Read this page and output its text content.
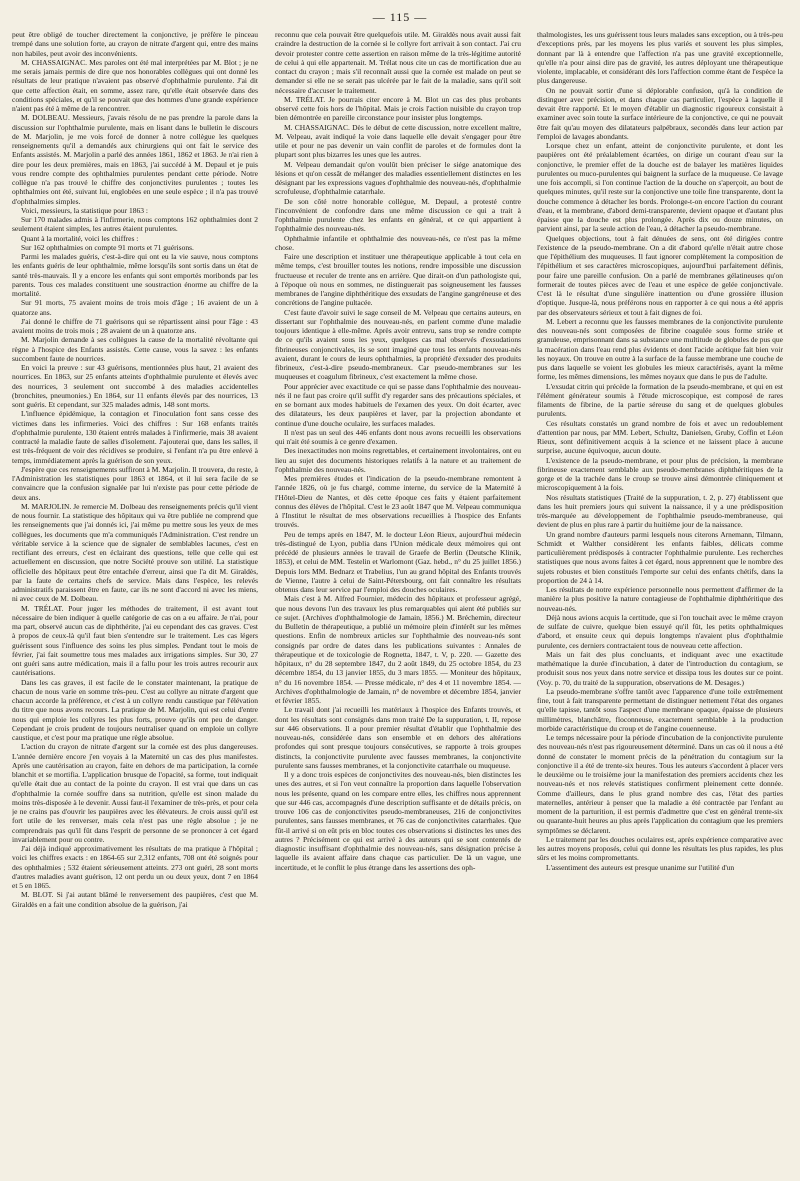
— 115 —

peut être obligé de toucher directement la conjonctive, je préfère le pinceau trempé dans une solution forte, au crayon de nitrate d'argent qui, entre des mains non habiles, peut avoir des inconvénients.

M. CHASSAIGNAC. Mes paroles ont été mal interprétées par M. Blot ; je ne me serais jamais permis de dire que nos honorables collègues qui ont donné les résultats de leur pratique n'avaient pas observé d'ophthalmie purulente. J'ai dit que cette affection était, en somme, assez rare, qu'elle était observée dans des conditions spéciales, et qu'il se pouvait que des hommes d'une grande expérience n'aient pas été à même de la rencontrer.

M. DOLBEAU. Messieurs, j'avais résolu de ne pas prendre la parole dans la discussion sur l'ophthalmie purulente, mais en lisant dans le bulletin le discours de M. Marjolin, je me vois forcé de donner à notre collègue les quelques renseignements qu'il a demandés aux chirurgiens qui ont fait le service des Enfants assistés. M. Marjolin a parlé des années 1861, 1862 et 1863. Je n'ai rien à dire pour les deux premières, mais en 1863, j'ai succédé à M. Depaul et je puis vous rendre compte des ophthalmies purulentes pendant cette période. Notre collègue n'a pas trouvé le chiffre des conjonctivites purulentes ; toutes les ophthalmies ont été, suivant lui, englobées en une seule espèce ; il n'a pas trouvé d'ophthalmies simples.

Voici, messieurs, la statistique pour 1863 :

Sur 170 malades admis à l'infirmerie, nous comptons 162 ophthalmies dont 2 seulement étaient simples, les autres étaient purulentes.

Quant à la mortalité, voici les chiffres :

Sur 162 ophthalmies on compte 91 morts et 71 guérisons.

Parmi les malades guéris, c'est-à-dire qui ont eu la vie sauve, nous comptons les enfants guéris de leur ophthalmie, même lorsqu'ils sont sortis dans un état de santé très-mauvais. Il y a encore les enfants qui sont emportés moribonds par les parents. Tous ces malades constituent une soustraction énorme au chiffre de la mortalité.

Sur 91 morts, 75 avaient moins de trois mois d'âge ; 16 avaient de un à quatorze ans.

J'ai donné le chiffre de 71 guérisons qui se répartissent ainsi pour l'âge : 43 avaient moins de trois mois ; 28 avaient de un à quatorze ans.

M. Marjolin demande à ses collègues la cause de la mortalité révoltante qui règne à l'hospice des Enfants assistés. Cette cause, vous la savez : les enfants succombent faute de nourrices.

En voici la preuve : sur 43 guérisons, mentionnées plus haut, 21 avaient des nourrices. En 1863, sur 25 enfants atteints d'ophthalmie purulente et élevés avec des nourrices, 3 seulement ont succombé à des maladies accidentelles (bronchites, pneumonies.) En 1864, sur 11 enfants élevés par des nourrices, 13 sont guéris. Et cependant, sur 325 malades admis, 148 sont morts.

L'influence épidémique, la contagion et l'inoculation font sans cesse des victimes dans les infirmeries. Voici des chiffres : Sur 168 enfants traités d'ophthalmie purulente, 130 étaient entrés malades à l'infirmerie, mais 38 avaient contracté la maladie faute de salles d'isolement. J'ajouterai que, dans les salles, il est très-fréquent de voir des récidives se produire, si l'enfant n'a pu être enlevé à temps, immédiatement après la guérison de son yeux.

J'espère que ces renseignements suffiront à M. Marjolin. Il trouvera, du reste, à l'Administration les statistiques pour 1863 et 1864, et il lui sera facile de se convaincre que la confusion signalée par lui n'existe pas pour cette période de deux ans.

M. MARJOLIN. Je remercie M. Dolbeau des renseignements précis qu'il vient de nous fournir. La statistique des hôpitaux qui va être publiée ne comprend que les renseignements que j'ai donnés ici, j'ai même pu mettre sous les yeux de mes collègues, les documents que m'a communiqués l'Administration. C'est rendre un véritable service à la science que de signaler de semblables lacunes, c'est en rectifiant des erreurs, c'est en éclairant des questions, telle que celle qui est actuellement en discussion, que notre Société prouve son utilité. La statistique officielle des hôpitaux peut être entachée d'erreur, ainsi que l'a dit M. Giraldès, par la faute de certains chefs de service. Mais dans l'espèce, les relevés administratifs paraissent être en faute, car ils ne sont d'accord ni avec les miens, ni avec ceux de M. Dolbeau.

M. TRÉLAT. Pour juger les méthodes de traitement, il est avant tout nécessaire de bien indiquer à quelle catégorie de cas on a eu affaire. Je n'ai, pour ma part, observé aucun cas de diphthérite, j'ai eu cependant des cas graves. C'est à propos de ceux-là qu'il faut bien s'entendre sur le traitement. Les cas légers guérissent sous l'influence des soins les plus simples. Pendant tout le mois de février, j'ai fait soumettre tous mes malades aux irrigations simples. Sur 30, 27 ont guéri sans autre médication, mais il a fallu pour les trois autres recourir aux cautérisations.

Dans les cas graves, il est facile de le constater maintenant, la pratique de chacun de nous varie en somme très-peu. C'est au collyre au nitrate d'argent que chacun accorde la préférence, et c'est à un collyre rendu caustique par l'élévation du titre que nous avons recours. La pratique de M. Marjolin, qui est celui d'entre nous qui emploie les collyres les plus forts, prouve qu'ils ont peu de danger. Cependant je crois prudent de toujours neutraliser quand on emploie un collyre caustique, et c'est pour ma pratique une règle absolue.

L'action du crayon de nitrate d'argent sur la cornée est des plus dangereuses. L'année dernière encore j'en voyais à la Maternité un cas des plus manifestes. Après une cautérisation au crayon, faite en dehors de ma participation, la cornée blanchit et se mortifia. L'application brusque de l'opacité, sa forme, tout indiquait qu'elle était due au contact de la pointe du crayon. Il est vrai que dans un cas d'ophthalmie la cornée souffre dans sa nutrition, qu'elle est sinon malade du moins très-disposée à le devenir. Aussi faut-il l'examiner de très-près, et pour cela je ne crains pas d'ouvrir les paupières avec les élévateurs. Je crois aussi qu'il est fort utile de les renverser, mais cela n'est pas une règle absolue ; je ne comprendrais pas qu'il fût dans l'esprit de personne de se prononcer à cet égard invariablement pour ou contre.

J'ai déjà indiqué approximativement les résultats de ma pratique à l'hôpital ; voici les chiffres exacts : en 1864-65 sur 2,312 enfants, 708 ont été soignés pour des ophthalmies ; 532 étaient sérieusement atteints. 273 ont guéri, 28 sont morts d'autres maladies avant guérison, 12 ont perdu un ou deux yeux, dont 7 en 1864 et 5 en 1865.

M. BLOT. Si j'ai autant blâmé le renversement des paupières, c'est que M. Giraldès en a fait une condition absolue de la guérison, j'ai

reconnu que cela pouvait être quelquefois utile. M. Giraldès nous avait aussi fait craindre la destruction de la cornée si le collyre fort arrivait à son contact. J'ai cru devoir protester contre cette assertion en raison même de la très-légitime autorité de celui à qui elle appartenait. M. Trélat nous cite un cas de mortification due au contact du crayon ; mais s'il reconnaît aussi que la cornée est malade on peut se demander si elle ne se serait pas ulcérée par le fait de la maladie, sans qu'il soit nécessaire d'accuser le traitement.

M. TRÉLAT. Je pourrais citer encore à M. Blot un cas des plus probants observé cette fois hors de l'hôpital. Mais je crois l'action nuisible du crayon trop bien démontrée en pareille circonstance pour insister plus longtemps.

M. CHASSAIGNAC. Dès le début de cette discussion, notre excellent maître, M. Velpeau, avait indiqué la voie dans laquelle elle devait s'engager pour être utile et pour ne pas devenir un vain conflit de paroles et de formules dont la plupart sont plus bizarres les unes que les autres.

M. Velpeau demandait qu'on voulût bien préciser le siége anatomique des lésions et qu'on cessât de mélanger des maladies essentiellement distinctes en les désignant par les expressions vagues d'ophthalmie des nouveau-nés, d'ophthalmie scrofuleuse, d'ophthalmie catarrhale.

De son côté notre honorable collègue, M. Depaul, a protesté contre l'inconvénient de confondre dans une même discussion ce qui a trait à l'ophthalmie purulente chez les enfants en général, et ce qui appartient à l'ophthalmie des nouveau-nés.

Ophthalmie infantile et ophthalmie des nouveau-nés, ce n'est pas la même chose.

Faire une description et instituer une thérapeutique applicable à tout cela en même temps, c'est brouiller toutes les notions, rendre impossible une discussion fructueuse et reculer de trente ans en arrière. Que dirait-on d'un pathologiste qui, à l'époque où nous en sommes, ne distinguerait pas soigneusement les fausses membranes de l'angine diphthéritique des exsudats de l'angine gangréneuse et des concrétions de l'angine pultacée.

C'est faute d'avoir suivi le sage conseil de M. Velpeau que certains auteurs, en dissertant sur l'ophthalmie des nouveau-nés, en parlent comme d'une maladie toujours identique à elle-même. Après avoir entrevu, sans trop se rendre compte de ce qu'ils avaient sous les yeux, quelques cas mal observés d'exsudations fibrineuses conjonctivales, ils se sont imaginé que tous les enfants nouveau-nés avaient, durant le cours de leurs ophthalmies, la propriété d'exsuder des produits fibrineux, c'est-à-dire pseudo-membraneux. Car pseudo-membranes sur les muqueuses et coagulum fibrineux, c'est exactement la même chose.

Pour apprécier avec exactitude ce qui se passe dans l'ophthalmie des nouveau-nés il ne faut pas croire qu'il suffit d'y regarder sans des précautions spéciales, et en se bornant aux modes habituels de l'examen des yeux. On doit écarter, avec des dilatateurs, les deux paupières et laver, par la projection abondante et continue d'une douche oculaire, les surfaces malades.

Il n'est pas un seul des 446 enfants dont nous avons recueilli les observations qui n'ait été soumis à ce genre d'examen.

Des inexactitudes non moins regrettables, et certainement involontaires, ont eu lieu au sujet des documents historiques relatifs à la nature et au traitement de l'ophthalmie des nouveau-nés.

Mes premières études et l'indication de la pseudo-membrane remontent à l'année 1826, où je fus chargé, comme interne, du service de la Maternité à l'Hôtel-Dieu de Nantes, et dès cette époque ces faits y étaient parfaitement connus des élèves de l'hôpital. C'est le 23 août 1847 que M. Velpeau communiqua à l'Institut le résultat de mes observations recueillies à l'hospice des Enfants trouvés.

Peu de temps après en 1847, M. le docteur Léon Rieux, aujourd'hui médecin très-distingué de Lyon, publia dans l'Union médicale deux mémoires qui ont précédé de plusieurs années le travail de Graefe de Berlin (Deutsche Klinik, 1853), et celui de MM. Testelin et Warlomont (Gaz. hebd., n° du 25 juillet 1856.) Depuis lors MM. Bednarz et Trabelius, l'un au grand hôpital des Enfants trouvés de Vienne, l'autre à celui de Saint-Pétersbourg, ont fait connaître les résultats obtenus dans leur service par l'emploi des douches oculaires.

Mais c'est à M. Alfred Fournier, médecin des hôpitaux et professeur agrégé, que nous devons l'un des travaux les plus remarquables qui aient été publiés sur ce sujet. (Archives d'ophthalmologie de Jamain, 1856.) M. Bréchemin, directeur du Bulletin de thérapeutique, a publié un mémoire plein d'intérêt sur les mêmes questions. Enfin de nombreux articles sur l'ophthalmie des nouveau-nés sont consignés par ordre de dates dans les publications suivantes : Annales de thérapeutique et de toxicologie de Rognetta, 1847, t. V, p. 220. — Gazette des hôpitaux, n° du 28 septembre 1847, du 2 août 1849, du 25 octobre 1854, du 23 décembre 1854, du 13 janvier 1855, du 3 mars 1855. — Moniteur des hôpitaux, n° du 16 novembre 1854. — Presse médicale, n° des 4 et 11 novembre 1854. — Archives d'ophthalmologie de Jamain, n° de novembre et décembre 1854, janvier et février 1855.

Le travail dont j'ai recueilli les matériaux à l'hospice des Enfants trouvés, et dont les résultats sont consignés dans mon traité De la suppuration, t. II, repose sur 446 observations. Il a pour premier résultat d'établir que l'ophthalmie des nouveau-nés, considérée dans son ensemble et en dehors des altérations profondes qui sont presque toujours consécutives, se rapporte à trois groupes distincts, la conjonctivite purulente avec fausses membranes, la conjonctivite purulente sans fausses membranes, et la conjonctivite catarrhale ou muqueuse.

Il y a donc trois espèces de conjonctivites des nouveau-nés, bien distinctes les unes des autres, et si l'on veut connaître la proportion dans laquelle l'observation nous les présente, quand on les compare entre elles, les chiffres nous apprennent que sur 446 cas, accompagnés d'une description suffisante et de détails précis, on trouve 106 cas de conjonctivites pseudo-membraneuses, 216 de conjonctivites purulentes, sans fausses membranes, et 76 cas de conjonctivites catarrhales. Que fût-il arrivé si on eût pris en bloc toutes ces observations si distinctes les unes des autres ? Précisément ce qui est arrivé à des auteurs qui se sont contentés de diagnostic insuffisant d'ophthalmie des nouveau-nés, sans désignation précise à laquelle ils avaient affaire dans chaque cas particulier. De là un vague, une incertitude, et le conflit le plus étrange dans les assertions des oph-

thalmologistes, les uns guérissent tous leurs malades sans exception, ou à très-peu d'exceptions près, par les moyens les plus variés et souvent les plus simples, donnant par là à entendre que l'affection n'a pas une gravité exceptionnelle, qu'elle n'a pour ainsi dire pas de gravité, les autres déployant une thérapeutique violente, implacable, et considérant dès lors l'affection comme étant de l'espèce la plus dangereuse.

On ne pouvait sortir d'une si déplorable confusion, qu'à la condition de distinguer avec précision, et dans chaque cas particulier, l'espèce à laquelle il devait être rapporté. Et le moyen d'établir un diagnostic rigoureux consistait à examiner avec soin toute la surface intérieure de la conjonctive, ce qui ne pouvait être fait qu'au moyen des dilatateurs palpébraux, secondés dans leur action par l'emploi de lavages abondants.

Lorsque chez un enfant, atteint de conjonctivite purulente, et dont les paupières ont été préalablement écartées, on dirige un courant d'eau sur la conjonctive, le premier effet de la douche est de balayer les matières liquides purulentes ou muco-purulentes qui baignent la surface de la muqueuse. Ce lavage une fois accompli, si l'on continue l'action de la douche on s'aperçoit, au bout de quelques minutes, qu'il reste sur la conjonctive une toile fine transparente, dont la douche commence à détacher les bords. Prolonge-t-on encore l'action du courant d'eau, et la membrane, d'abord demi-transparente, devient opaque et d'autant plus épaisse que la douche est plus prolongée. Après dix ou douze minutes, on parvient ainsi, par la seule action de l'eau, à détacher la pseudo-membrane.

Quelques objections, tout à fait dénuées de sens, ont été dirigées contre l'existence de la pseudo-membrane. On a dit d'abord qu'elle n'était autre chose que l'épithélium des muqueuses. Il faut ignorer complètement la composition de l'épithélium et ses caractères microscopiques, aujourd'hui parfaitement définis, pour faire une pareille confusion. On a parlé de membranes gélatineuses qu'on formerait de toutes pièces avec de l'eau et une espèce de gelée conjonctivale. C'est là le résultat d'une singulière inattention ou d'une grossière illusion d'optique. Jusque-là, nous préférons nous en rapporter à ce qui nous a été appris par des observateurs sérieux et tout à fait dignes de foi.

M. Lebert a reconnu que les fausses membranes de la conjonctivite purulente des nouveau-nés sont composées de fibrine coagulée sous forme striée et granuleuse, emprisonnant dans sa substance une multitude de globules de pus que la macération dans l'eau rend plus évidents et dont l'acide acétique fait bien voir les noyaux. On trouve en outre à la surface de la fausse membrane une couche de pus dans laquelle se voient les globules les mieux caractérisés, ayant la même forme, les mêmes dimensions, les mêmes noyaux que dans le pus de l'adulte.

L'exsudat citrin qui précède la formation de la pseudo-membrane, et qui en est l'élément générateur soumis à l'étude microscopique, est composé de rares filaments de fibrine, de la partie séreuse du sang et de quelques globules purulents.

Ces résultats constatés un grand nombre de fois et avec un redoublement d'attention par nous, par MM. Lebert, Schultz, Danielsen, Gruby, Coffin et Léon Rieux, sont définitivement acquis à la science et ne laissent place à aucune surprise, aucune équivoque, aucun doute.

L'existence de la pseudo-membrane, et pour plus de précision, la membrane fibrineuse exactement semblable aux pseudo-membranes diphthéritiques de la gorge et de la trachée dans le croup se trouve ainsi démontrée cliniquement et microscopiquement à la fois.

Nos résultats statistiques (Traité de la suppuration, t. 2, p. 27) établissent que dans les huit premiers jours qui suivent la naissance, il y a une prédisposition très-marquée au développement de l'ophthalmie pseudo-membraneuse, qui devient de plus en plus rare à partir du huitième jour de la naissance.

Un grand nombre d'auteurs parmi lesquels nous citerons Arnemann, Tilmann, Schmidt et Walther considèrent les enfants faibles, délicats comme particulièrement prédisposés à contracter l'ophthalmie purulente. Les recherches statistiques que nous avons faites à cet égard, nous apprennent que le nombre des sujets robustes et bien constitués l'emporte sur celui des enfants chétifs, dans la proportion de 24 à 14.

Les résultats de notre expérience personnelle nous permettent d'affirmer de la manière la plus positive la nature contagieuse de l'ophthalmie diphthéritique des nouveau-nés.

Déjà nous avions acquis la certitude, que si l'on touchait avec le même crayon de sulfate de cuivre, quelque bien essuyé qu'il fût, les petits ophthalmiques d'abord, et ensuite ceux qui depuis longtemps n'avaient plus d'ophthalmie purulente, ces derniers contractaient tous de nouveau cette affection.

Mais un fait des plus concluants, et indiquant avec une exactitude mathématique la durée d'incubation, à dater de l'introduction du contagium, se produisit sous nos yeux dans notre service et dissipa tous les doutes sur ce point. (Voy. p. 70, du traité de la suppuration, observations de M. Desages.)

La pseudo-membrane s'offre tantôt avec l'apparence d'une toile extrêmement fine, tout à fait transparente permettant de distinguer nettement l'état des organes qu'elle tapisse, tantôt sous l'aspect d'une membrane opaque, épaisse de plusieurs millimètres, blanchâtre, floconneuse, exactement semblable à la production morbide caractéristique du croup et de l'angine couenneuse.

Le temps nécessaire pour la période d'incubation de la conjonctivite purulente des nouveau-nés n'est pas rigoureusement déterminé. Dans un cas où il nous a été donné de constater le moment précis de la pénétration du contagium sur la conjonctive il a été de trente-six heures. Tous les auteurs s'accordent à placer vers le deuxième ou le troisième jour la manifestation des premiers accidents chez les nouveau-nés et nos relevés statistiques confirment pleinement cette donnée. Comme d'ailleurs, dans le plus grand nombre des cas, l'état des parties maternelles, antérieur à penser que la maladie a été contractée par l'enfant au moment de la parturition, il est permis d'admettre que c'est en général trente-six ou quarante-huit heures au plus après l'application du contagium que les premiers symptômes se déclarent.

Le traitement par les douches oculaires est, après expérience comparative avec les autres moyens proposés, celui qui donne les résultats les plus rapides, les plus sûrs et les moins compromettants.

L'assentiment des auteurs est presque unanime sur l'utilité d'un
